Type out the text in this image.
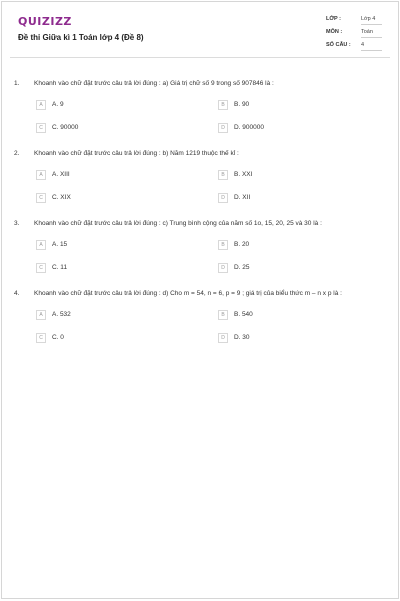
QUIZIZZ
Đề thi Giữa kì 1 Toán lớp 4 (Đề 8)
LỚP :	Lớp 4
MÔN :	Toán
SỐ CÂU : 4
1. Khoanh vào chữ đặt trước câu trả lời đúng : a) Giá trị chữ số 9 trong số 907846 là :
A	A. 9	B	B. 90
C	C. 90000	D	D. 900000
2. Khoanh vào chữ đặt trước câu trả lời đúng : b) Năm 1219 thuộc thế kỉ :
A	A. XIII	B	B. XXI
C	C. XIX	D	D. XII
3. Khoanh vào chữ đặt trước câu trả lời đúng : c) Trung bình cộng của năm số 1o, 15, 20, 25 và 30 là :
A	A. 15	B	B. 20
C	C. 11	D	D. 25
4. Khoanh vào chữ đặt trước câu trả lời đúng : d) Cho m = 54, n = 6, p = 9 ; giá trị của biểu thức m – n x p là :
A	A. 532	B	B. 540
C	C. 0	D	D. 30
